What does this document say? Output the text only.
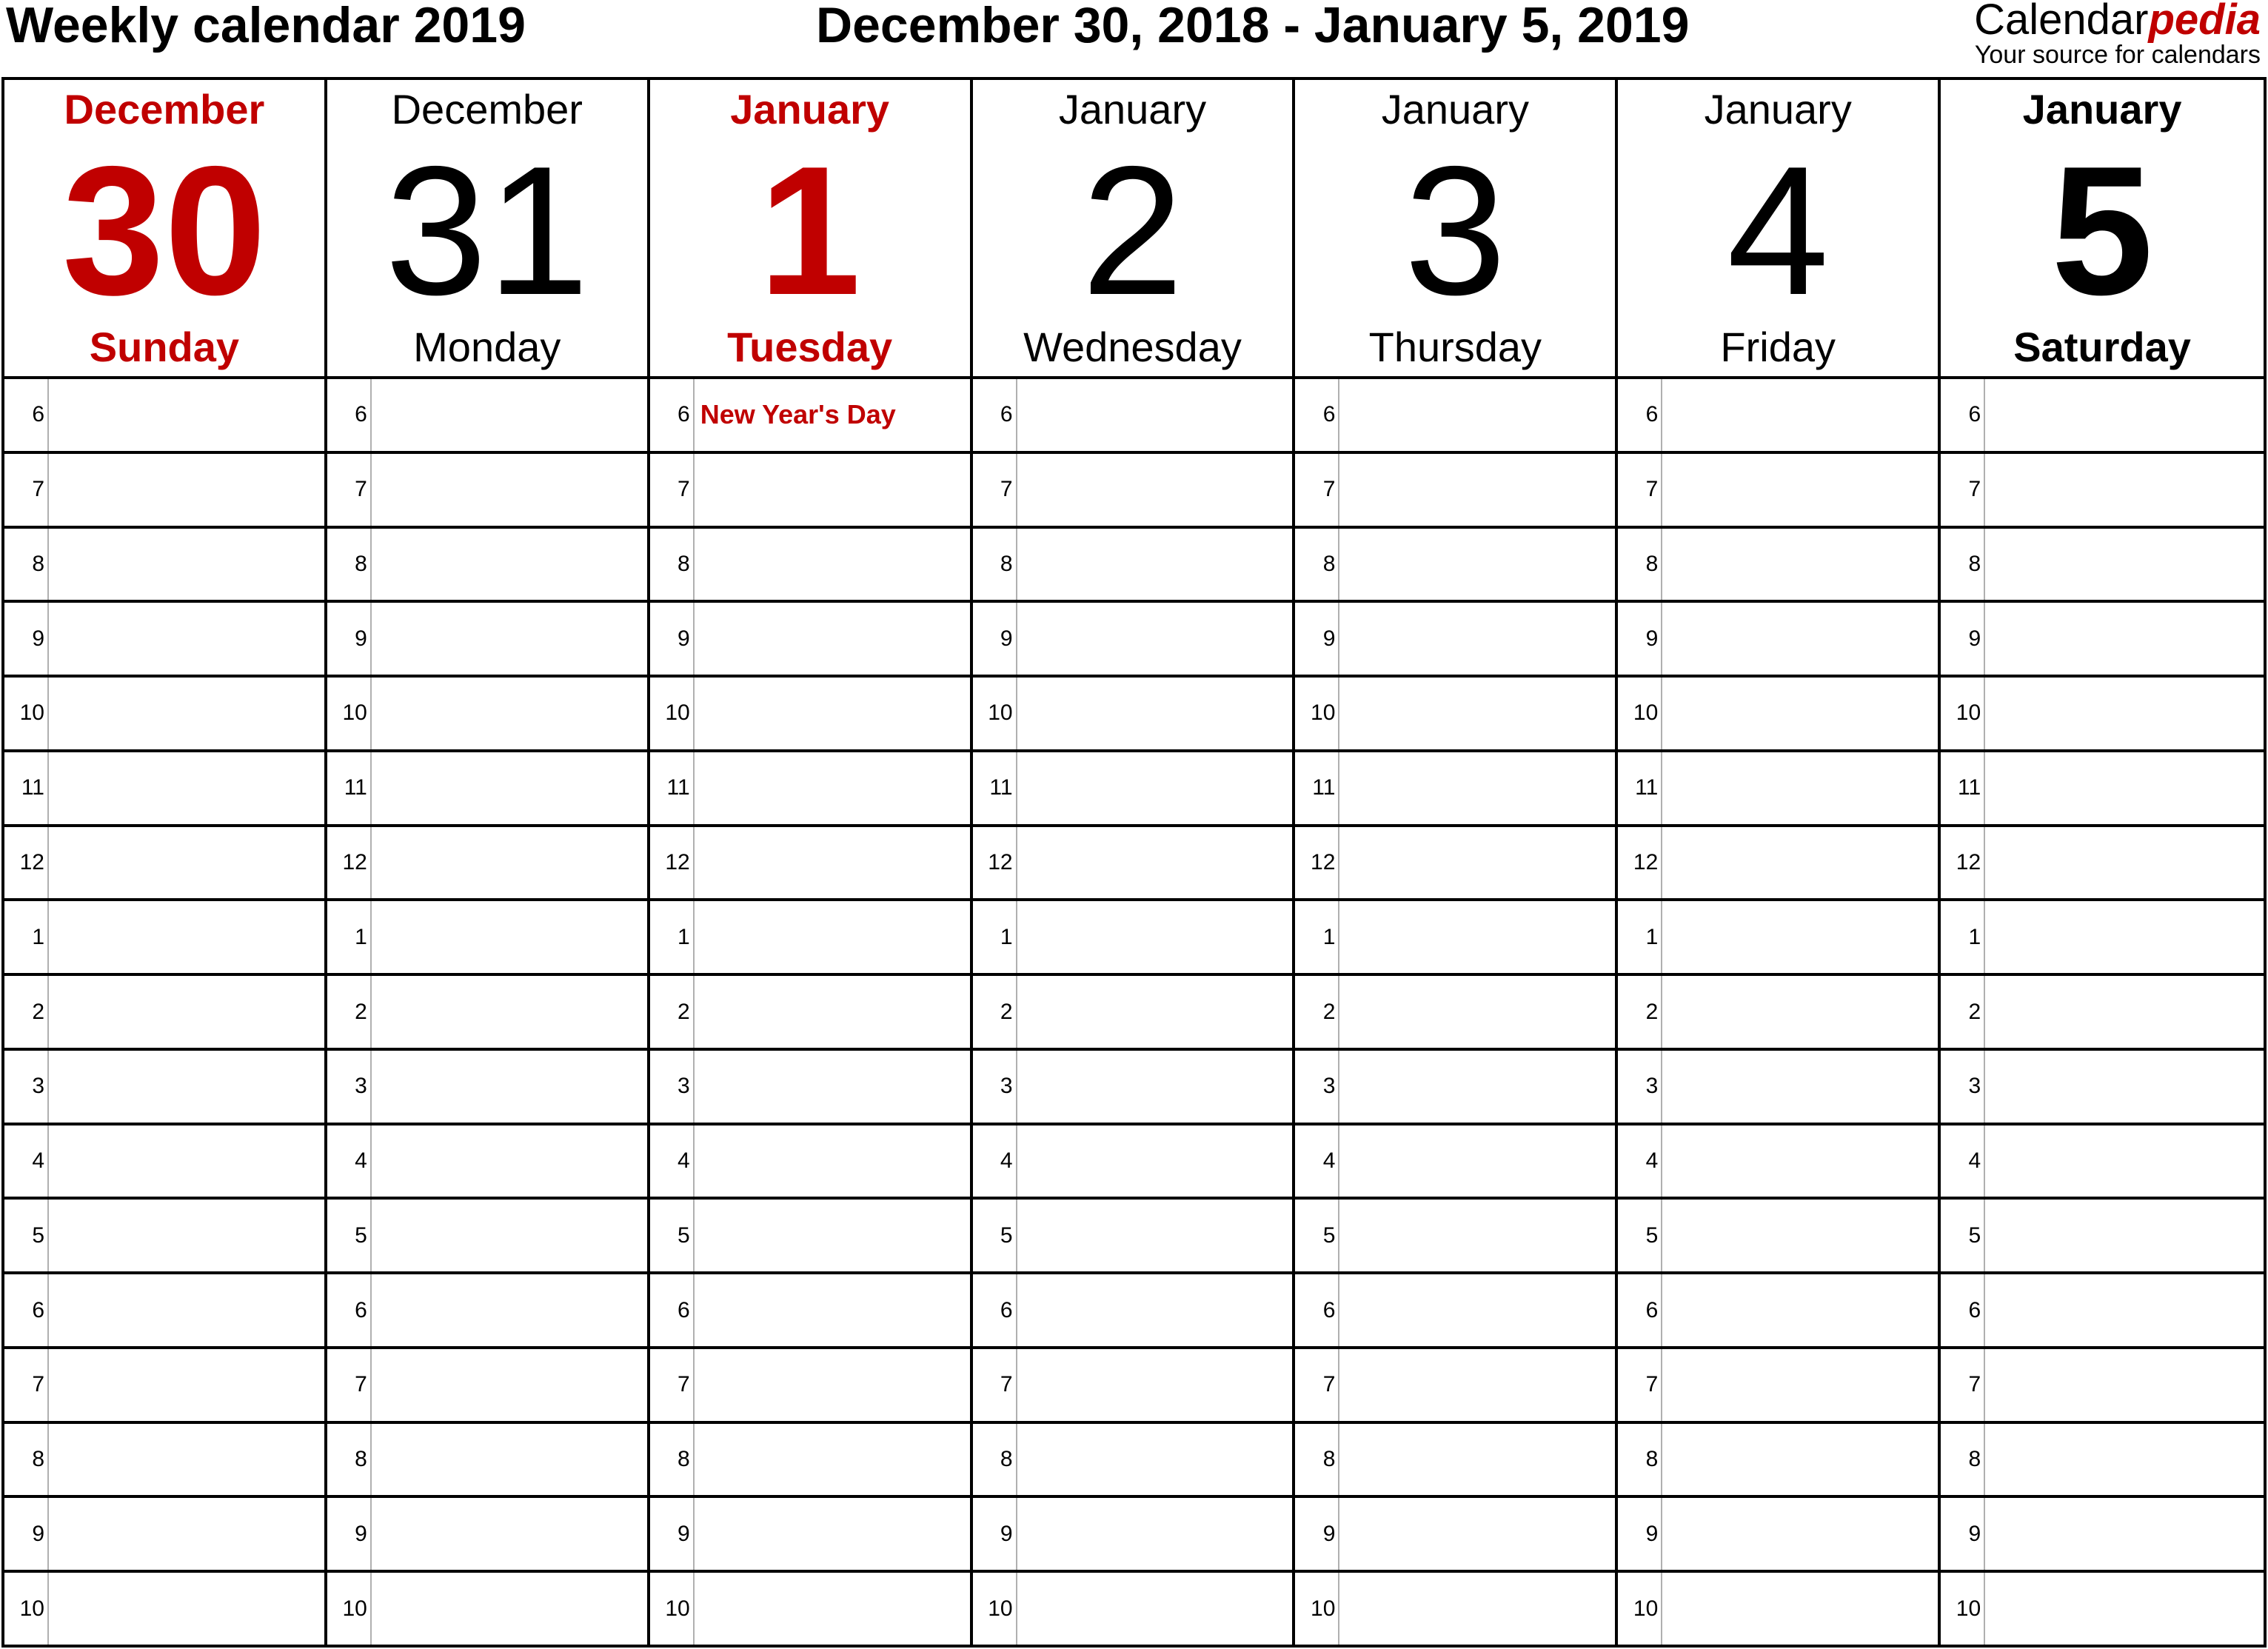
Weekly calendar 2019	December 30, 2018 - January 5, 2019	Calendarpedia
Your source for calendars
December
30
Sunday
6
7
8
9
10
11
12
1
2
3
4
5
6
7
8
9
10
December
31
Monday
6
7
8
9
10
11
12
1
2
3
4
5
6
7
8
9
10
January
1
Tuesday
6 New Year's Day
7
8
9
10
11
12
1
2
3
4
5
6
7
8
9
10
January
2
Wednesday
6
7
8
9
10
11
12
1
2
3
4
5
6
7
8
9
10
January
3
Thursday
6
7
8
9
10
11
12
1
2
3
4
5
6
7
8
9
10
January
4
Friday
6
7
8
9
10
11
12
1
2
3
4
5
6
7
8
9
10
January
5
Saturday
6
7
8
9
10
11
12
1
2
3
4
5
6
7
8
9
10
